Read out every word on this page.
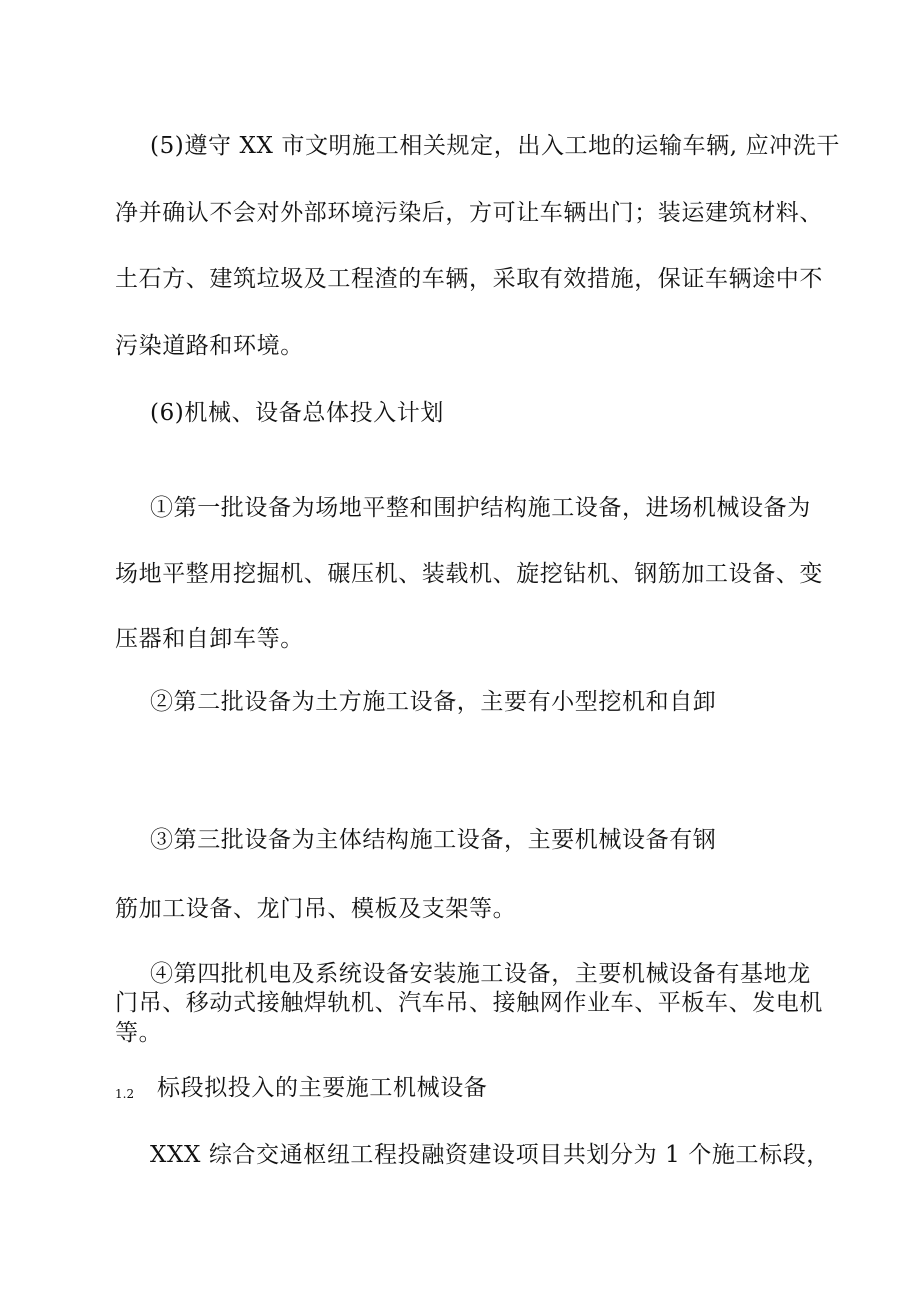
(5)遵守 XX 市文明施工相关规定，出入工地的运输车辆, 应冲洗干
净并确认不会对外部环境污染后，方可让车辆出门；装运建筑材料、
土石方、建筑垃圾及工程渣的车辆，采取有效措施，保证车辆途中不
污染道路和环境。
(6)机械、设备总体投入计划
①第一批设备为场地平整和围护结构施工设备，进场机械设备为
场地平整用挖掘机、碾压机、装载机、旋挖钻机、钢筋加工设备、变
压器和自卸车等。
②第二批设备为土方施工设备，主要有小型挖机和自卸
③第三批设备为主体结构施工设备，主要机械设备有钢
筋加工设备、龙门吊、模板及支架等。
④第四批机电及系统设备安装施工设备，主要机械设备有基地龙
门吊、移动式接触焊轨机、汽车吊、接触网作业车、平板车、发电机
等。
1.2 标段拟投入的主要施工机械设备
XXX 综合交通枢纽工程投融资建设项目共划分为 1 个施工标段，
